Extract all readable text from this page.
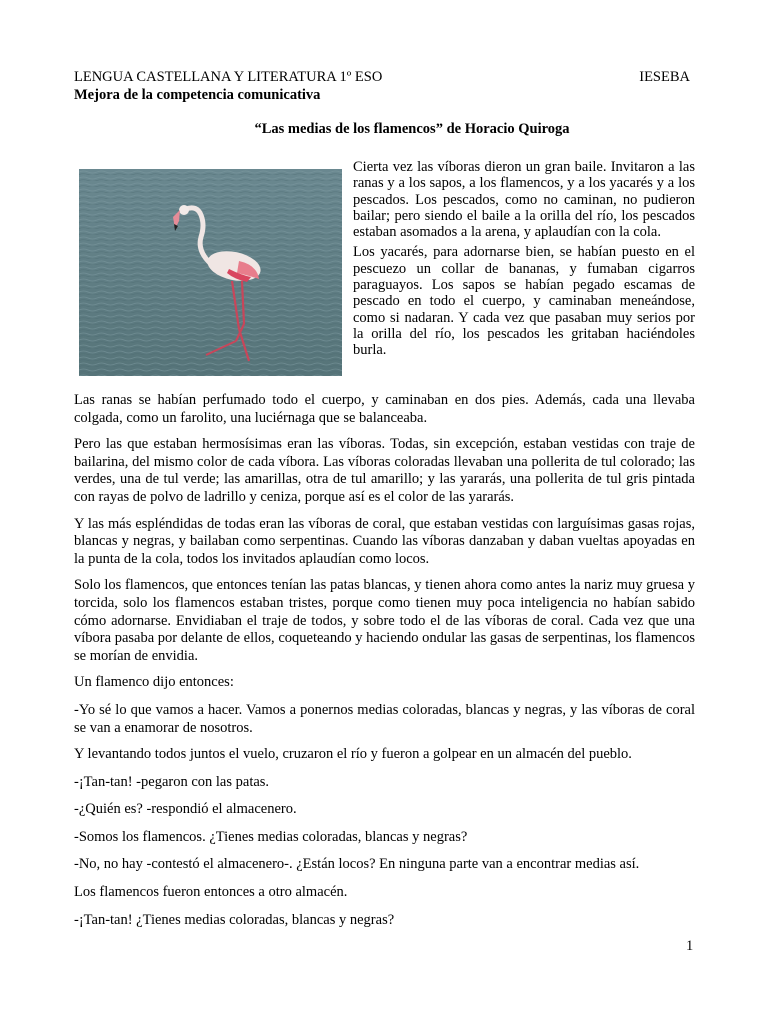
LENGUA CASTELLANA Y LITERATURA 1º ESO	IESEBA
Mejora de la competencia comunicativa
“Las medias de los flamencos” de Horacio Quiroga

Cierta vez las víboras dieron un gran baile. Invitaron a las ranas y a los sapos, a los flamencos, y a los yacarés y a los pescados. Los pescados, como no caminan, no pudieron bailar; pero siendo el baile a la orilla del río, los pescados estaban asomados a la arena, y aplaudían con la cola.

Los yacarés, para adornarse bien, se habían puesto en el pescuezo un collar de bananas, y fumaban cigarros paraguayos. Los sapos se habían pegado escamas de pescado en todo el cuerpo, y caminaban meneándose, como si nadaran. Y cada vez que pasaban muy serios por la orilla del río, los pescados les gritaban haciéndoles burla.

Las ranas se habían perfumado todo el cuerpo, y caminaban en dos pies. Además, cada una llevaba colgada, como un farolito, una luciérnaga que se balanceaba.

Pero las que estaban hermosísimas eran las víboras. Todas, sin excepción, estaban vestidas con traje de bailarina, del mismo color de cada víbora. Las víboras coloradas llevaban una pollerita de tul colorado; las verdes, una de tul verde; las amarillas, otra de tul amarillo; y las yararás, una pollerita de tul gris pintada con rayas de polvo de ladrillo y ceniza, porque así es el color de las yararás.

Y las más espléndidas de todas eran las víboras de coral, que estaban vestidas con larguísimas gasas rojas, blancas y negras, y bailaban como serpentinas. Cuando las víboras danzaban y daban vueltas apoyadas en la punta de la cola, todos los invitados aplaudían como locos.

Solo los flamencos, que entonces tenían las patas blancas, y tienen ahora como antes la nariz muy gruesa y torcida, solo los flamencos estaban tristes, porque como tienen muy poca inteligencia no habían sabido cómo adornarse. Envidiaban el traje de todos, y sobre todo el de las víboras de coral. Cada vez que una víbora pasaba por delante de ellos, coqueteando y haciendo ondular las gasas de serpentinas, los flamencos se morían de envidia.

Un flamenco dijo entonces:

-Yo sé lo que vamos a hacer. Vamos a ponernos medias coloradas, blancas y negras, y las víboras de coral se van a enamorar de nosotros.

Y levantando todos juntos el vuelo, cruzaron el río y fueron a golpear en un almacén del pueblo.

-¡Tan-tan! -pegaron con las patas.

-¿Quién es? -respondió el almacenero.

-Somos los flamencos. ¿Tienes medias coloradas, blancas y negras?

-No, no hay -contestó el almacenero-. ¿Están locos? En ninguna parte van a encontrar medias así.

Los flamencos fueron entonces a otro almacén.

-¡Tan-tan! ¿Tienes medias coloradas, blancas y negras?

1
